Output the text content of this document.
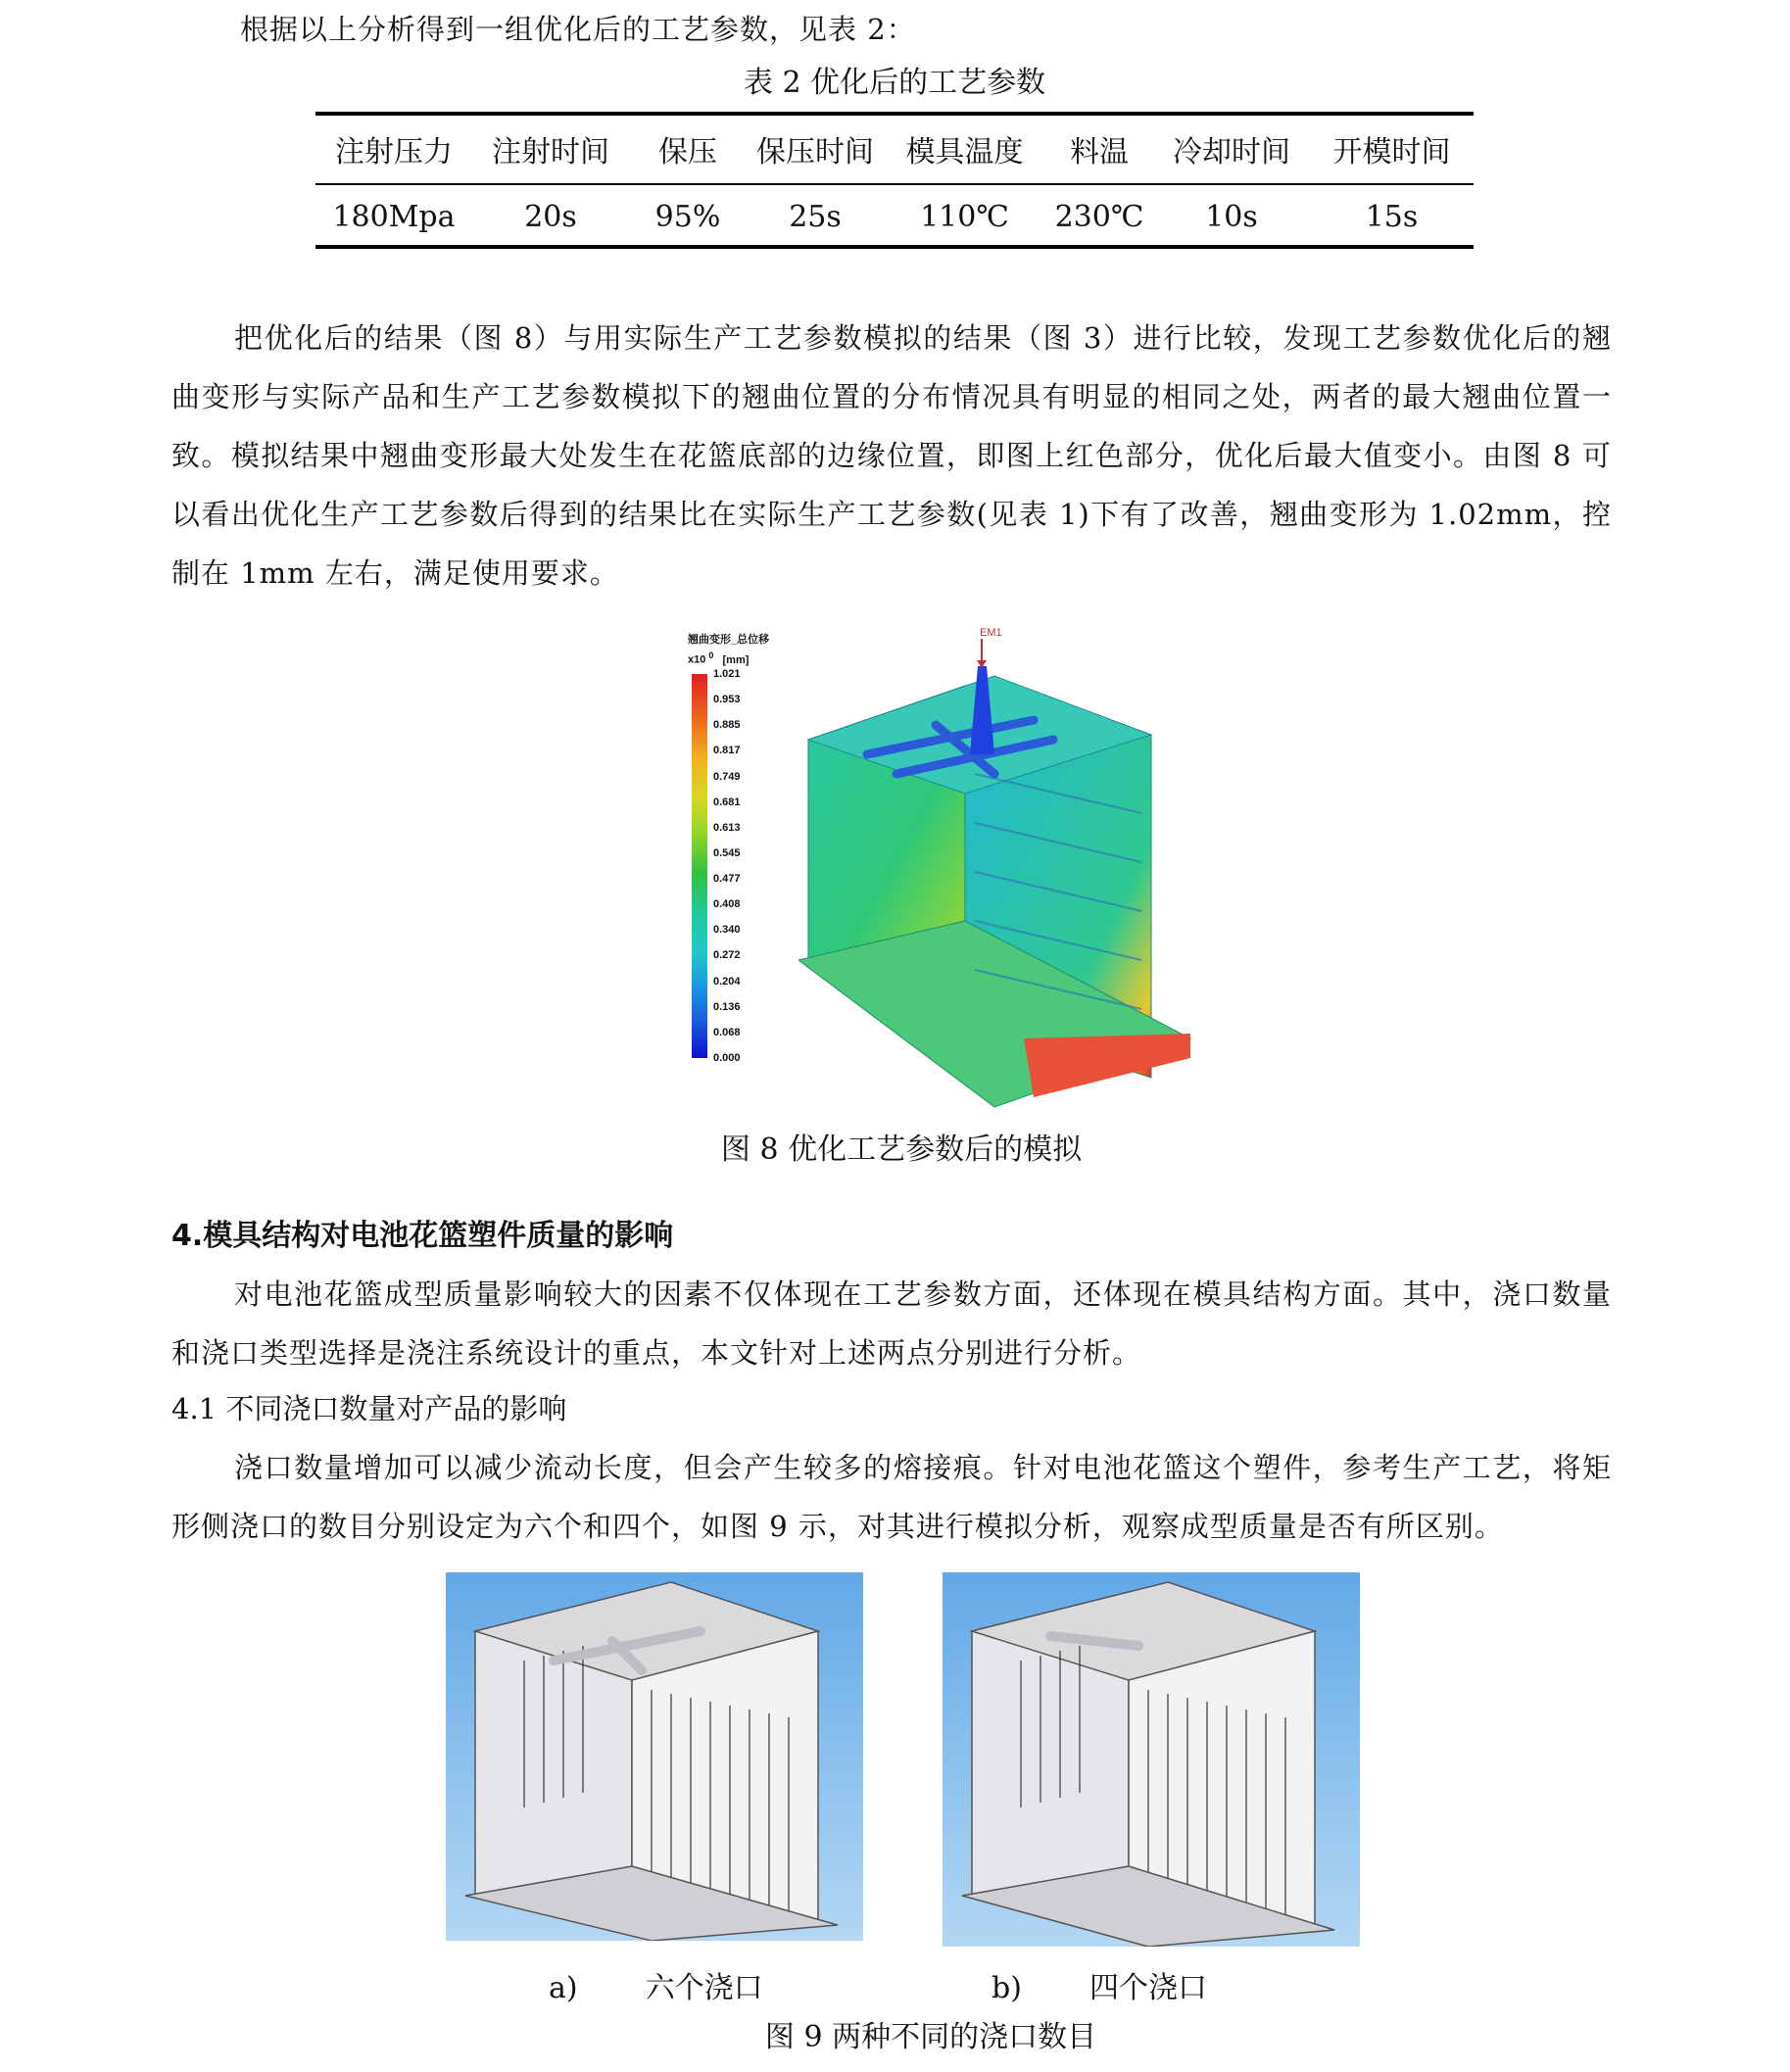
根据以上分析得到一组优化后的工艺参数，见表 2：
表 2 优化后的工艺参数
注射压力	注射时间	保压	保压时间	模具温度	料温	冷却时间	开模时间
180Mpa	20s	95%	25s	110℃	230℃	10s	15s
把优化后的结果（图 8）与用实际生产工艺参数模拟的结果（图 3）进行比较，发现工艺参数优化后的翘曲变形与实际产品和生产工艺参数模拟下的翘曲位置的分布情况具有明显的相同之处，两者的最大翘曲位置一致。模拟结果中翘曲变形最大处发生在花篮底部的边缘位置，即图上红色部分，优化后最大值变小。由图 8 可以看出优化生产工艺参数后得到的结果比在实际生产工艺参数(见表 1)下有了改善，翘曲变形为 1.02mm，控制在 1mm 左右，满足使用要求。
翘曲变形_总位移
x10 $^0$ [mm]
1.021
0.953
0.885
0.817
0.749
0.681
0.613
0.545
0.477
0.408
0.340
0.272
0.204
0.136
0.068
0.000
EM1
图 8 优化工艺参数后的模拟
4.模具结构对电池花篮塑件质量的影响
对电池花篮成型质量影响较大的因素不仅体现在工艺参数方面，还体现在模具结构方面。其中，浇口数量和浇口类型选择是浇注系统设计的重点，本文针对上述两点分别进行分析。
4.1 不同浇口数量对产品的影响
浇口数量增加可以减少流动长度，但会产生较多的熔接痕。针对电池花篮这个塑件，参考生产工艺，将矩形侧浇口的数目分别设定为六个和四个，如图 9 示，对其进行模拟分析，观察成型质量是否有所区别。
a) 六个浇口	b) 四个浇口
图 9 两种不同的浇口数目
